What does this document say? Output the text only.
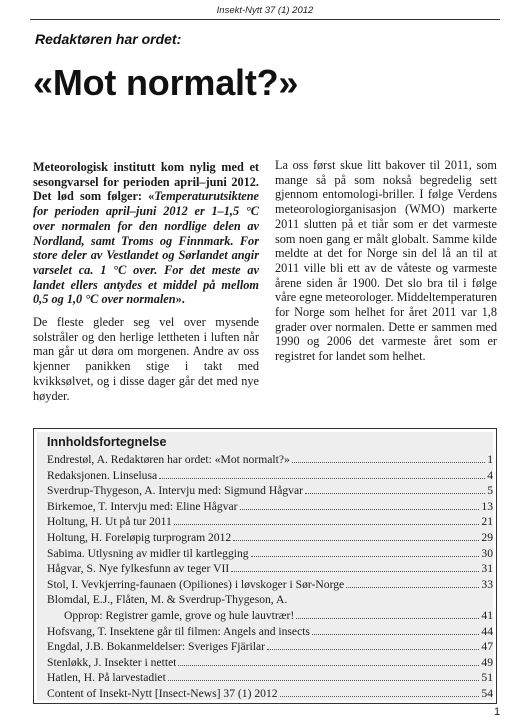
Insekt-Nytt 37 (1) 2012
Redaktøren har ordet:
«Mot normalt?»

Meteorologisk institutt kom nylig med et sesongvarsel for perioden april–juni 2012. Det lød som følger: «Temperaturutsiktene for perioden april–juni 2012 er 1–1,5 °C over normalen for den nordlige delen av Nordland, samt Troms og Finnmark. For store deler av Vestlandet og Sørlandet angir varselet ca. 1 °C over. For det meste av landet ellers antydes et middel på mellom 0,5 og 1,0 °C over normalen».

De fleste gleder seg vel over mysende solstråler og den herlige lettheten i luften når man går ut døra om morgenen. Andre av oss kjenner panikken stige i takt med kvikksølvet, og i disse dager går det med nye høyder.

La oss først skue litt bakover til 2011, som mange så på som nokså begredelig sett gjennom entomologi-briller. I følge Verdens meteorologiorganisasjon (WMO) markerte 2011 slutten på et tiår som er det varmeste som noen gang er målt globalt. Samme kilde meldte at det for Norge sin del lå an til at 2011 ville bli ett av de våteste og varmeste årene siden år 1900. Det slo bra til i følge våre egne meteorologer. Middeltemperaturen for Norge som helhet for året 2011 var 1,8 grader over normalen. Dette er sammen med 1990 og 2006 det varmeste året som er registret for landet som helhet.

Innholdsfortegnelse
Endrestøl, A. Redaktøren har ordet: «Mot normalt?»	1
Redaksjonen. Linselusa	4
Sverdrup-Thygeson, A. Intervju med: Sigmund Hågvar	5
Birkemoe, T. Intervju med: Eline Hågvar	13
Holtung, H. Ut på tur 2011	21
Holtung, H. Foreløpig turprogram 2012	29
Sabima. Utlysning av midler til kartlegging	30
Hågvar, S. Nye fylkesfunn av teger VII	31
Stol, I. Vevkjerring-faunaen (Opiliones) i løvskoger i Sør-Norge	33
Blomdal, E.J., Flåten, M. & Sverdrup-Thygeson, A.
Opprop: Registrer gamle, grove og hule lauvtrær!	41
Hofsvang, T. Insektene går til filmen: Angels and insects	44
Engdal, J.B. Bokanmeldelser: Sveriges Fjärilar	47
Stenløkk, J. Insekter i nettet	49
Hatlen, H. På larvestadiet	51
Content of Insekt-Nytt [Insect-News] 37 (1) 2012	54
1
